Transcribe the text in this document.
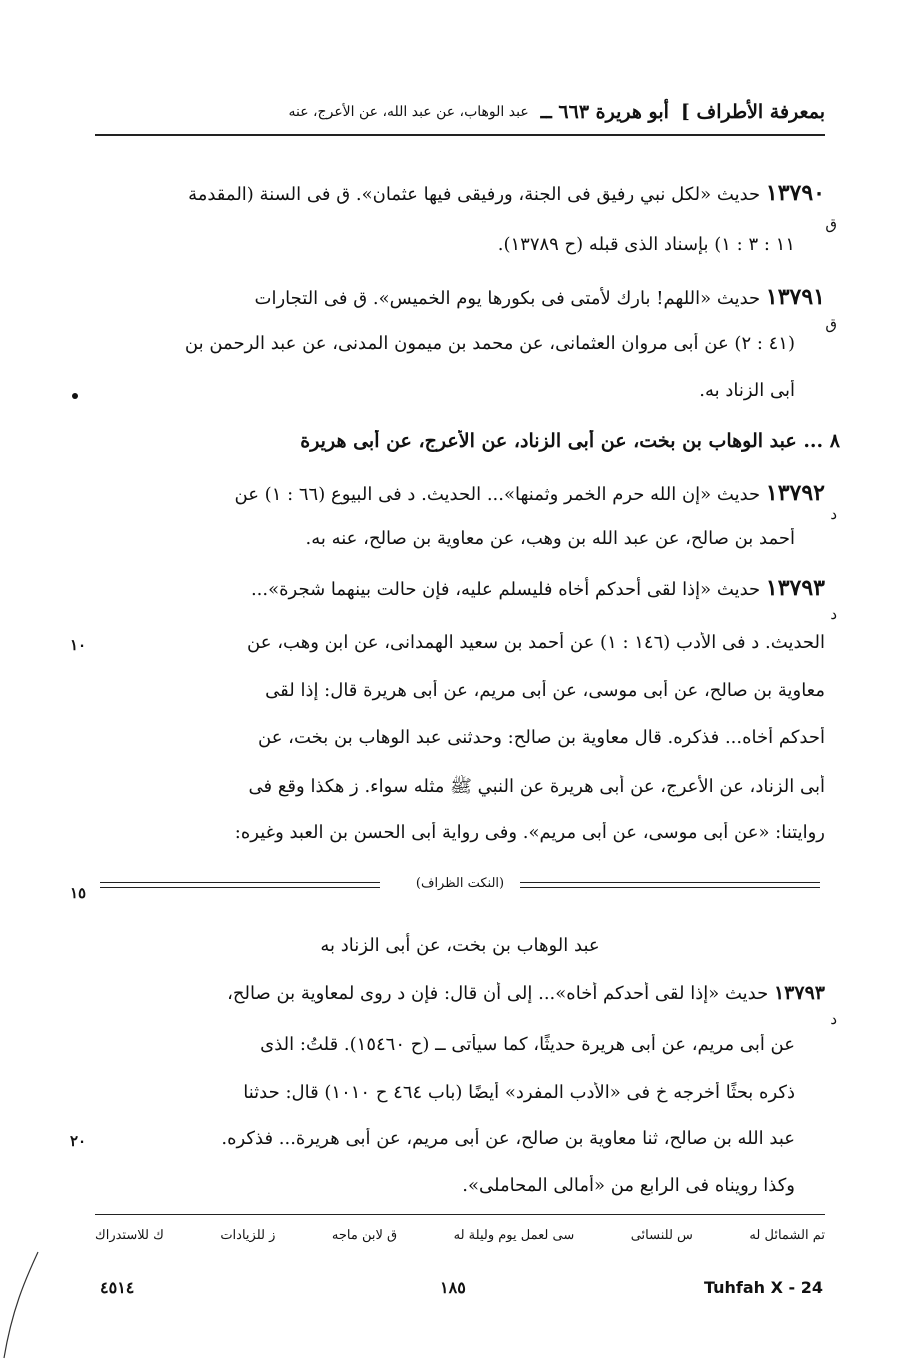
بمعرفة الأطراف ]
أبو هريرة ٦٦٣ ــ
عبد الوهاب، عن عبد الله، عن الأعرج، عنه
١٣٧٩٠ حديث «لكل نبي رفيق فى الجنة، ورفيقى فيها عثمان». ق فى السنة (المقدمة
ق
١١ : ٣ : ١) بإسناد الذى قبله (ح ١٣٧٨٩).
١٣٧٩١ حديث «اللهم! بارك لأمتى فى بكورها يوم الخميس». ق فى التجارات
ق
(٤١ : ٢) عن أبى مروان العثمانى، عن محمد بن ميمون المدنى، عن عبد الرحمن بن
أبى الزناد به.
٨ ... عبد الوهاب بن بخت، عن أبى الزناد، عن الأعرج، عن أبى هريرة
١٣٧٩٢ حديث «إن الله حرم الخمر وثمنها»... الحديث. د فى البيوع (٦٦ : ١) عن
د
أحمد بن صالح، عن عبد الله بن وهب، عن معاوية بن صالح، عنه به.
١٣٧٩٣ حديث «إذا لقى أحدكم أخاه فليسلم عليه، فإن حالت بينهما شجرة»...
د
الحديث. د فى الأدب (١٤٦ : ١) عن أحمد بن سعيد الهمدانى، عن ابن وهب، عن
١٠
معاوية بن صالح، عن أبى موسى، عن أبى مريم، عن أبى هريرة قال: إذا لقى
أحدكم أخاه... فذكره. قال معاوية بن صالح: وحدثنى عبد الوهاب بن بخت، عن
أبى الزناد، عن الأعرج، عن أبى هريرة عن النبي ﷺ مثله سواء. ز هكذا وقع فى
روايتنا: «عن أبى موسى، عن أبى مريم». وفى رواية أبى الحسن بن العبد وغيره:
(النكت الظراف)
١٥
عبد الوهاب بن بخت، عن أبى الزناد به
١٣٧٩٣ حديث «إذا لقى أحدكم أخاه»... إلى أن قال: فإن د روى لمعاوية بن صالح،
د
عن أبى مريم، عن أبى هريرة حديثًا، كما سيأتى ــ (ح ١٥٤٦٠). قلتُ: الذى
ذكره بحثًا أخرجه خ فى «الأدب المفرد» أيضًا (باب ٤٦٤ ح ١٠١٠) قال: حدثنا
عبد الله بن صالح، ثنا معاوية بن صالح، عن أبى مريم، عن أبى هريرة... فذكره.
٢٠
وكذا رويناه فى الرابع من «أمالى المحاملى».
تم الشمائل له
س للنسائى
سى لعمل يوم وليلة له
ق لابن ماجه
ز للزيادات
ك للاستدراك
٤٥١٤	١٨٥	Tuhfah X - 24
